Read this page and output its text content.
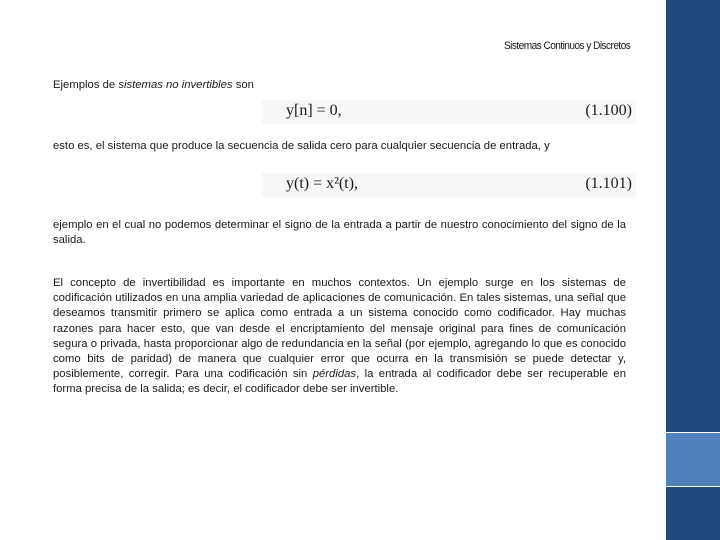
Sistemas Continuos y Discretos
Ejemplos de sistemas no invertibles son
y[n] = 0,	(1.100)
esto es, el sistema que produce la secuencia de salida cero para cualquier secuencia de entrada, y
y(t) = x²(t),	(1.101)
ejemplo en el cual no podemos determinar el signo de la entrada a partir de nuestro conocimiento del signo de la salida.
El concepto de invertibilidad es importante en muchos contextos. Un ejemplo surge en los sistemas de codificación utilizados en una amplia variedad de aplicaciones de comunicación. En tales sistemas, una señal que deseamos transmitir primero se aplica como entrada a un sistema conocido como codificador. Hay muchas razones para hacer esto, que van desde el encriptamiento del mensaje original para fines de comunicación segura o privada, hasta proporcionar algo de redundancia en la señal (por ejemplo, agregando lo que es conocido como bits de paridad) de manera que cualquier error que ocurra en la transmisión se puede detectar y, posiblemente, corregir. Para una codificación sin pérdidas, la entrada al codificador debe ser recuperable en forma precisa de la salida; es decir, el codificador debe ser invertible.
